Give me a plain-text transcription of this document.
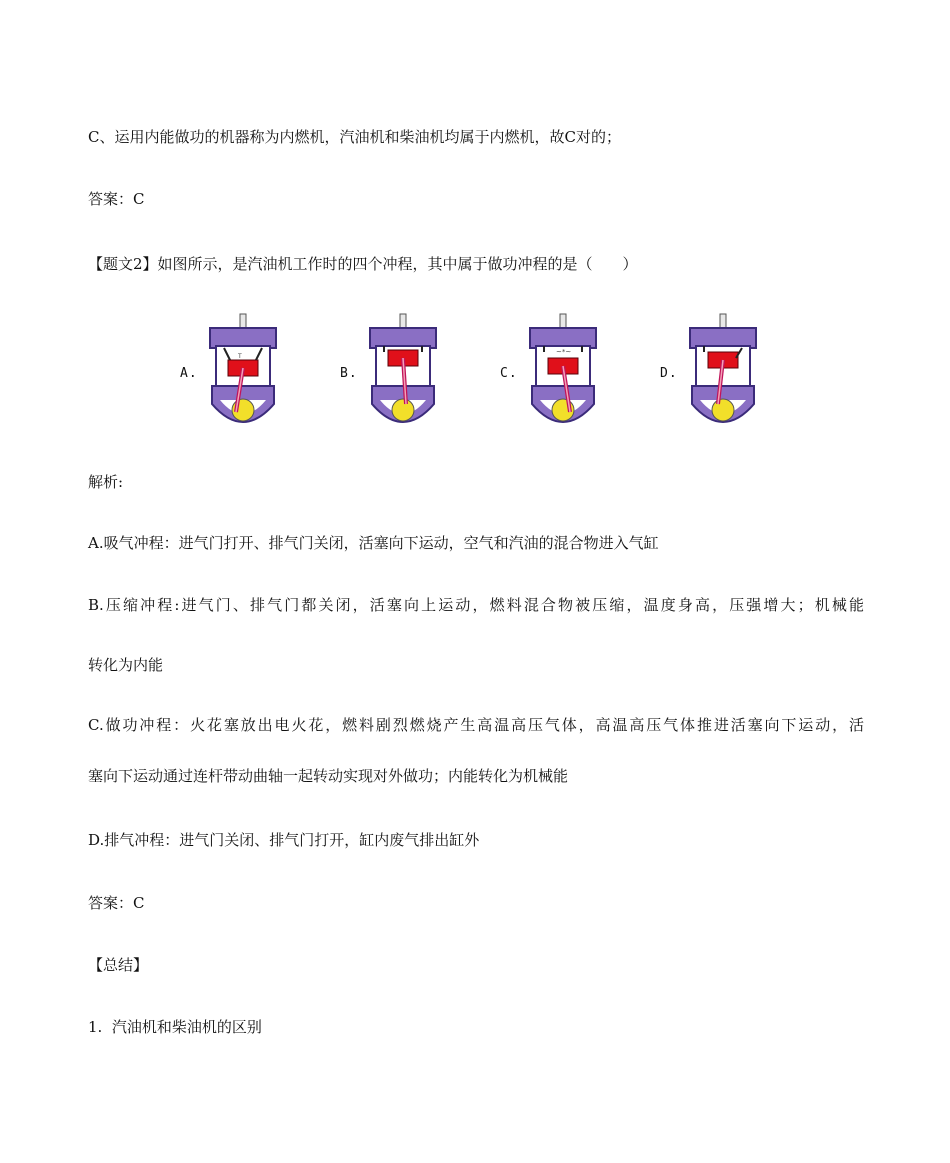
C、运用内能做功的机器称为内燃机，汽油机和柴油机均属于内燃机，故C对的；
答案：C
【题文2】如图所示，是汽油机工作时的四个冲程，其中属于做功冲程的是（　　）
A.
T
B.	C.
~*~
D.
解析:
A.吸气冲程：进气门打开、排气门关闭，活塞向下运动，空气和汽油的混合物进入气缸
B.压缩冲程:进气门、排气门都关闭，活塞向上运动，燃料混合物被压缩，温度身高，压强增大；机械能
转化为内能
C.做功冲程：火花塞放出电火花，燃料剧烈燃烧产生高温高压气体，高温高压气体推进活塞向下运动，活
塞向下运动通过连杆带动曲轴一起转动实现对外做功；内能转化为机械能
D.排气冲程：进气门关闭、排气门打开，缸内废气排出缸外
答案：C
【总结】
1.  汽油机和柴油机的区别
